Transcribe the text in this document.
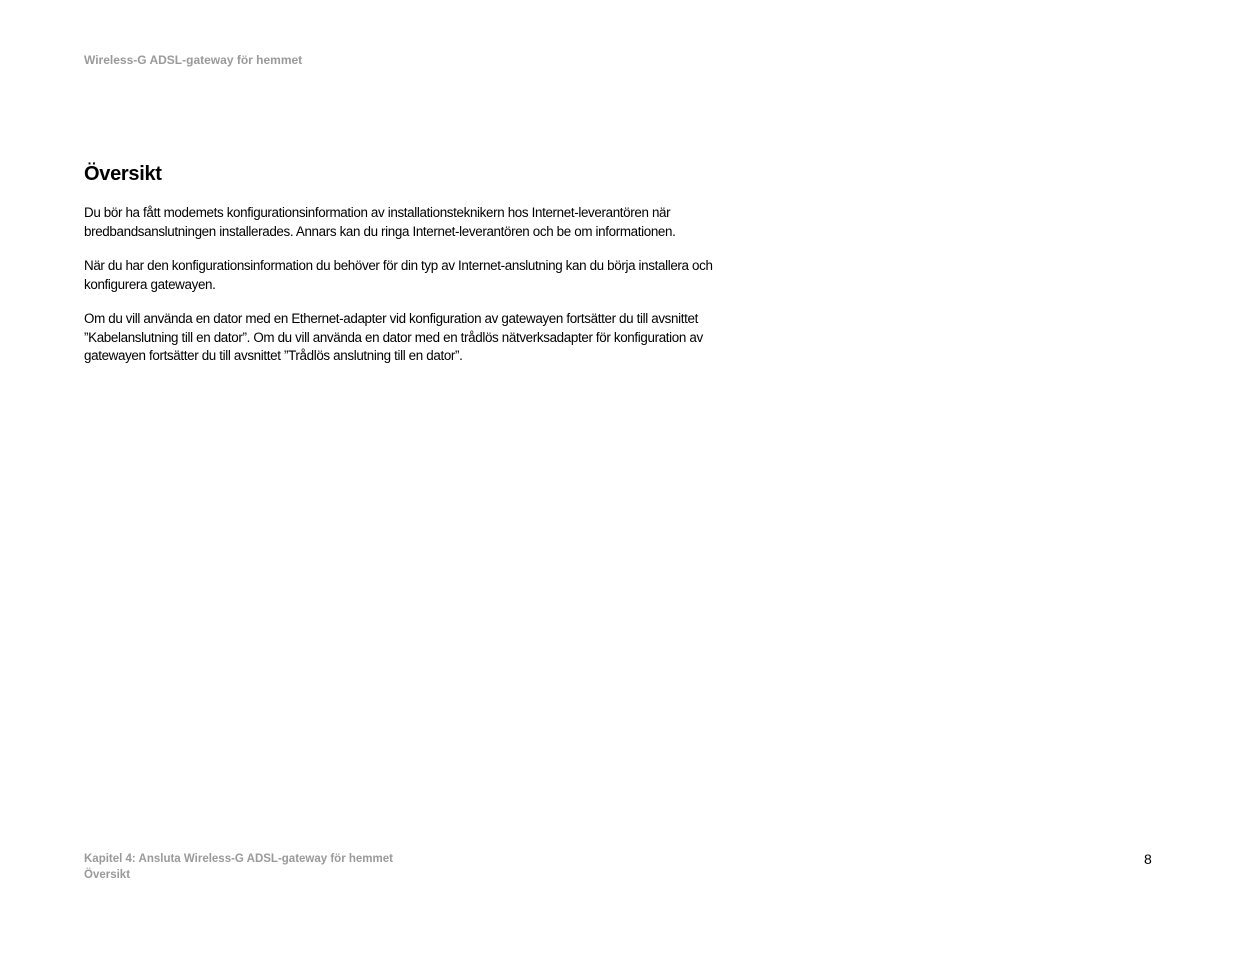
Wireless-G ADSL-gateway för hemmet
Översikt

Du bör ha fått modemets konfigurationsinformation av installationsteknikern hos Internet-leverantören när bredbandsanslutningen installerades. Annars kan du ringa Internet-leverantören och be om informationen.

När du har den konfigurationsinformation du behöver för din typ av Internet-anslutning kan du börja installera och konfigurera gatewayen.

Om du vill använda en dator med en Ethernet-adapter vid konfiguration av gatewayen fortsätter du till avsnittet ”Kabelanslutning till en dator”. Om du vill använda en dator med en trådlös nätverksadapter för konfiguration av gatewayen fortsätter du till avsnittet ”Trådlös anslutning till en dator”.

Kapitel 4: Ansluta Wireless-G ADSL-gateway för hemmet
Översikt
8
